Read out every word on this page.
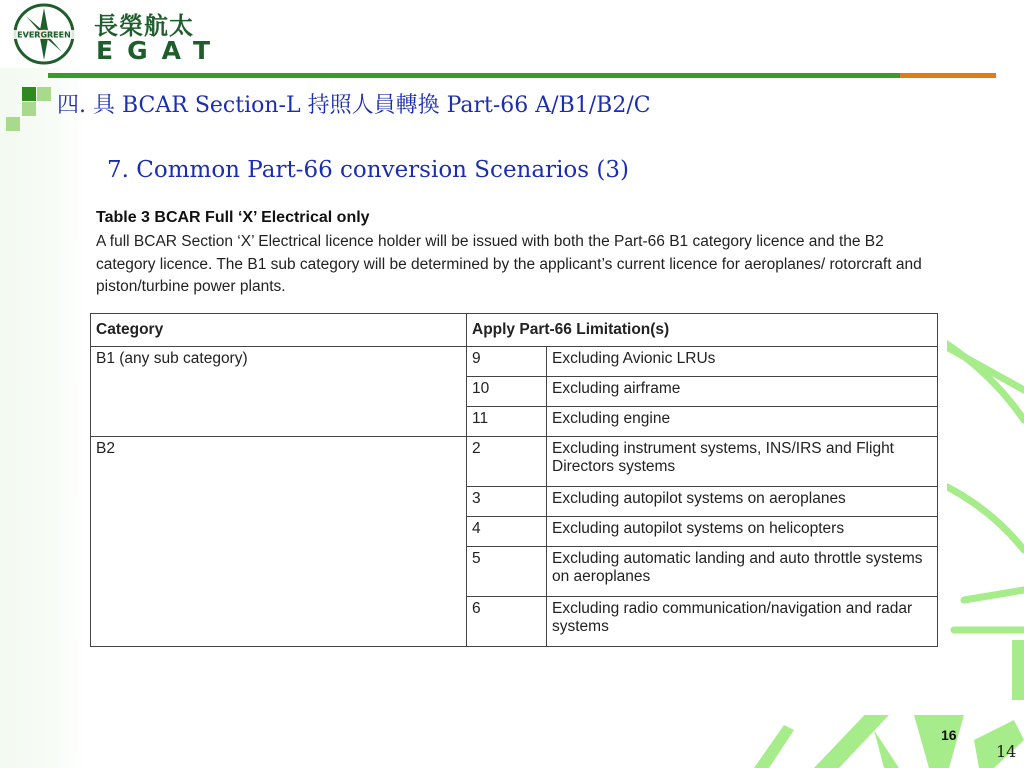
EVERGREEN 長榮航太
EGAT
四. 具 BCAR Section-L 持照人員轉換 Part-66 A/B1/B2/C
7. Common Part-66 conversion Scenarios (3)
Table 3 BCAR Full ‘X’ Electrical only
A full BCAR Section ‘X’ Electrical licence holder will be issued with both the Part-66 B1 category licence and the B2 category licence. The B1 sub category will be determined by the applicant’s current licence for aeroplanes/ rotorcraft and piston/turbine power plants.
Category	Apply Part-66 Limitation(s)	
B1 (any sub category)	9	Excluding Avionic LRUs
	10	Excluding airframe
	11	Excluding engine
B2	2	Excluding instrument systems, INS/IRS and Flight Directors systems
	3	Excluding autopilot systems on aeroplanes
	4	Excluding autopilot systems on helicopters
	5	Excluding automatic landing and auto throttle systems on aeroplanes
	6	Excluding radio communication/navigation and radar systems
16
14
